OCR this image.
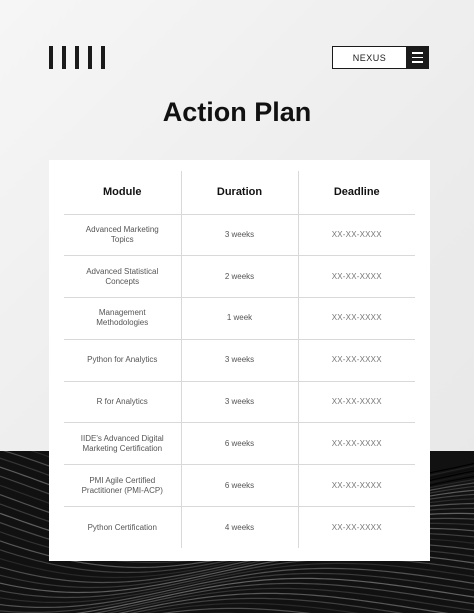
NEXUS
Action Plan
Module	Duration	Deadline
Advanced Marketing Topics	3 weeks	XX-XX-XXXX
Advanced Statistical Concepts	2 weeks	XX-XX-XXXX
Management Methodologies	1 week	XX-XX-XXXX
Python for Analytics	3 weeks	XX-XX-XXXX
R for Analytics	3 weeks	XX-XX-XXXX
IIDE's Advanced Digital Marketing Certification	6 weeks	XX-XX-XXXX
PMI Agile Certified Practitioner (PMI-ACP)	6 weeks	XX-XX-XXXX
Python Certification	4 weeks	XX-XX-XXXX
